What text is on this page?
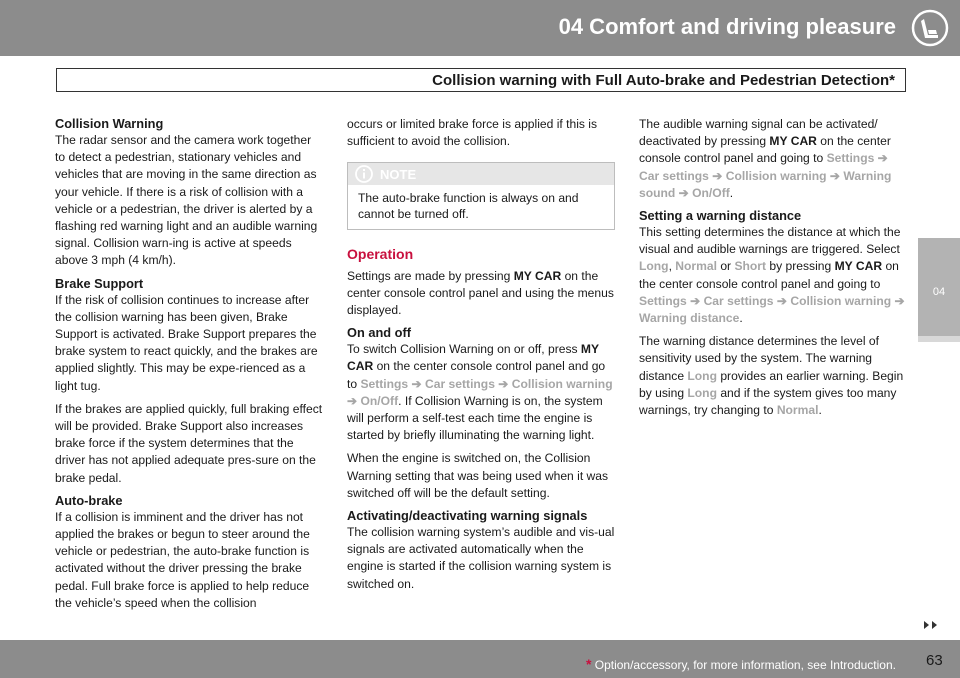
04 Comfort and driving pleasure
Collision warning with Full Auto-brake and Pedestrian Detection*
04
Collision Warning

The radar sensor and the camera work together to detect a pedestrian, stationary vehicles and vehicles that are moving in the same direction as your vehicle. If there is a risk of collision with a vehicle or a pedestrian, the driver is alerted by a flashing red warning light and an audible warning signal. Collision warn-ing is active at speeds above 3 mph (4 km/h).

Brake Support

If the risk of collision continues to increase after the collision warning has been given, Brake Support is activated. Brake Support prepares the brake system to react quickly, and the brakes are applied slightly. This may be expe-rienced as a light tug.

If the brakes are applied quickly, full braking effect will be provided. Brake Support also increases brake force if the system determines that the driver has not applied adequate pres-sure on the brake pedal.

Auto-brake

If a collision is imminent and the driver has not applied the brakes or begun to steer around the vehicle or pedestrian, the auto-brake function is activated without the driver pressing the brake pedal. Full brake force is applied to help reduce the vehicle’s speed when the collision

occurs or limited brake force is applied if this is sufficient to avoid the collision.

NOTE
The auto-brake function is always on and cannot be turned off.
Operation

Settings are made by pressing MY CAR on the center console control panel and using the menus displayed.

On and off

To switch Collision Warning on or off, press MY CAR on the center console control panel and go to Settings ➔ Car settings ➔ Collision warning ➔ On/Off. If Collision Warning is on, the system will perform a self-test each time the engine is started by briefly illuminating the warning light.

When the engine is switched on, the Collision Warning setting that was being used when it was switched off will be the default setting.

Activating/deactivating warning signals

The collision warning system’s audible and vis-ual signals are activated automatically when the engine is started if the collision warning system is switched on.

The audible warning signal can be activated/ deactivated by pressing MY CAR on the center console control panel and going to Settings ➔ Car settings ➔ Collision warning ➔ Warning sound ➔ On/Off.

Setting a warning distance

This setting determines the distance at which the visual and audible warnings are triggered. Select Long, Normal or Short by pressing MY CAR on the center console control panel and going to Settings ➔ Car settings ➔ Collision warning ➔ Warning distance.

The warning distance determines the level of sensitivity used by the system. The warning distance Long provides an earlier warning. Begin by using Long and if the system gives too many warnings, try changing to Normal.

* Option/accessory, for more information, see Introduction. 63
